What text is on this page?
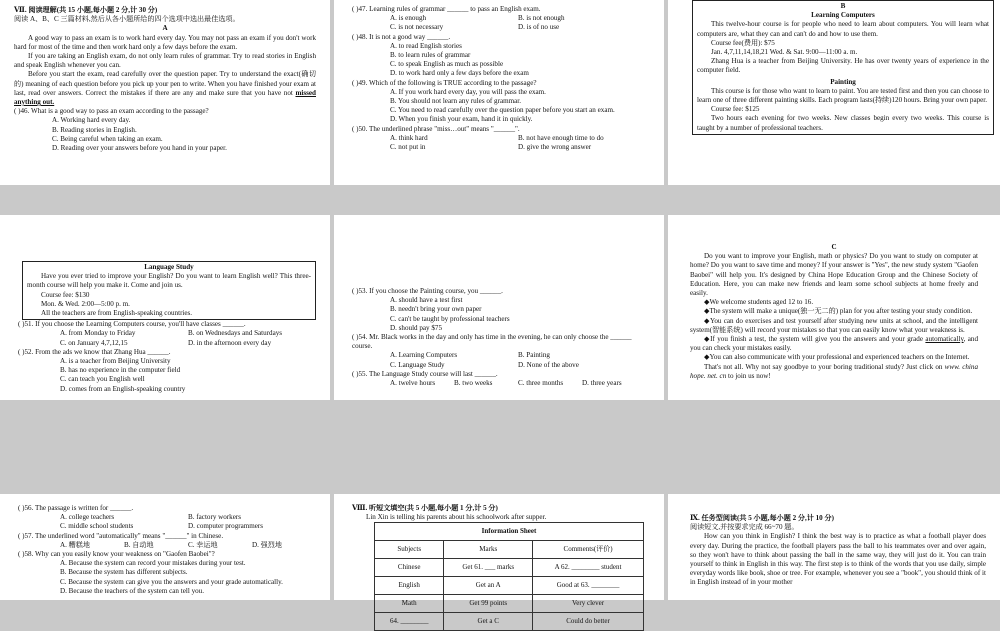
Ⅶ. 阅读理解(共 15 小题,每小题 2 分,计 30 分)

阅读 A、B、C 三篇材料,然后从各小题所给的四个选项中选出最佳选项。

A

A good way to pass an exam is to work hard every day. You may not pass an exam if you don't work hard for most of the time and then work hard only a few days before the exam.

If you are taking an English exam, do not only learn rules of grammar. Try to read stories in English and speak English whenever you can.

Before you start the exam, read carefully over the question paper. Try to understand the exact(确切的) meaning of each question before you pick up your pen to write. When you have finished your exam at last, read over answers. Correct the mistakes if there are any and make sure that you have not missed anything out.

( )46. What is a good way to pass an exam according to the passage?

A. Working hard every day.

B. Reading stories in English.

C. Being careful when taking an exam.

D. Reading over your answers before you hand in your paper.

( )47. Learning rules of grammar ______ to pass an English exam.

A. is enough	B. is not enough
C. is not necessary	D. is of no use

( )48. It is not a good way ______.

A. to read English stories

B. to learn rules of grammar

C. to speak English as much as possible

D. to work hard only a few days before the exam

( )49. Which of the following is TRUE according to the passage?

A. If you work hard every day, you will pass the exam.

B. You should not learn any rules of grammar.

C. You need to read carefully over the question paper before you start an exam.

D. When you finish your exam, hand it in quickly.

( )50. The underlined phrase "miss…out" means "______".

A. think hard	B. not have enough time to do
C. not put in	D. give the wrong answer

B

Learning Computers

This twelve-hour course is for people who need to learn about computers. You will learn what computers are, what they can and can't do and how to use them.

Course fee(费用): $75

Jan. 4,7,11,14,18,21 Wed. & Sat. 9:00—11:00 a. m.

Zhang Hua is a teacher from Beijing University. He has over twenty years of experience in the computer field.

Painting

This course is for those who want to learn to paint. You are tested first and then you can choose to learn one of three different painting skills. Each program lasts(持续)120 hours. Bring your own paper.

Course fee: $125

Two hours each evening for two weeks. New classes begin every two weeks. This course is taught by a number of professional teachers.

Language Study

Have you ever tried to improve your English? Do you want to learn English well? This three-month course will help you make it. Come and join us.

Course fee: $130

Mon. & Wed. 2:00—5:00 p. m.

All the teachers are from English-speaking countries.

( )51. If you choose the Learning Computers course, you'll have classes ______.

A. from Monday to Friday	B. on Wednesdays and Saturdays
C. on January 4,7,12,15	D. in the afternoon every day

( )52. From the ads we know that Zhang Hua ______.

A. is a teacher from Beijing University

B. has no experience in the computer field

C. can teach you English well

D. comes from an English-speaking country

( )53. If you choose the Painting course, you ______.

A. should have a test first

B. needn't bring your own paper

C. can't be taught by professional teachers

D. should pay $75

( )54. Mr. Black works in the day and only has time in the evening, he can only choose the ______ course.

A. Learning Computers	B. Painting
C. Language Study	D. None of the above

( )55. The Language Study course will last ______.

A. twelve hours	B. two weeks	C. three months	D. three years

C

Do you want to improve your English, math or physics? Do you want to study on computer at home? Do you want to save time and money? If your answer is "Yes", the new study system "Gaofen Baobei" will help you. It's designed by China Hope Education Group and the Chinese Society of Education. Here, you can make new friends and learn some school subjects at home freely and easily.

◆We welcome students aged 12 to 16.

◆The system will make a unique(独一无二的) plan for you after testing your study condition.

◆You can do exercises and test yourself after studying new units at school, and the intelligent system(智能系统) will record your mistakes so that you can easily know what your weakness is.

◆If you finish a test, the system will give you the answers and your grade automatically, and you can check your mistakes easily.

◆You can also communicate with your professional and experienced teachers on the Internet.

That's not all. Why not say goodbye to your boring traditional study? Just click on www. china hope. net. cn to join us now!

( )56. The passage is written for ______.

A. college teachers	B. factory workers
C. middle school students	D. computer programmers

( )57. The underlined word "automatically" means "______" in Chinese.

A. 糟糕地	B. 自动地	C. 幸运地	D. 强烈地

( )58. Why can you easily know your weakness on "Gaofen Baobei"?

A. Because the system can record your mistakes during your test.

B. Because the system has different subjects.

C. Because the system can give you the answers and your grade automatically.

D. Because the teachers of the system can tell you.

Ⅷ. 听短文填空(共 5 小题,每小题 1 分,计 5 分)

Lin Xin is telling his parents about his schoolwork after supper.

Information Sheet		
Subjects	Marks	Comments(评价)
Chinese	Get 61. ___ marks	A 62. ________ student
English	Get an A	Good at 63. ________
Math	Get 99 points	Very clever
64. ________	Get a C	Could do better

Ⅸ. 任务型阅读(共 5 小题,每小题 2 分,计 10 分)

阅读短文,并按要求完成 66~70 题。

How can you think in English? I think the best way is to practice as what a football player does every day. During the practice, the football players pass the ball to his teammates over and over again, so they won't have to think about passing the ball in the same way, they will just do it. You can train yourself to think in English in this way. The first step is to think of the words that you use daily, simple everyday words like book, shoe or tree. For example, whenever you see a "book", you should think of it in English instead of in your mother
